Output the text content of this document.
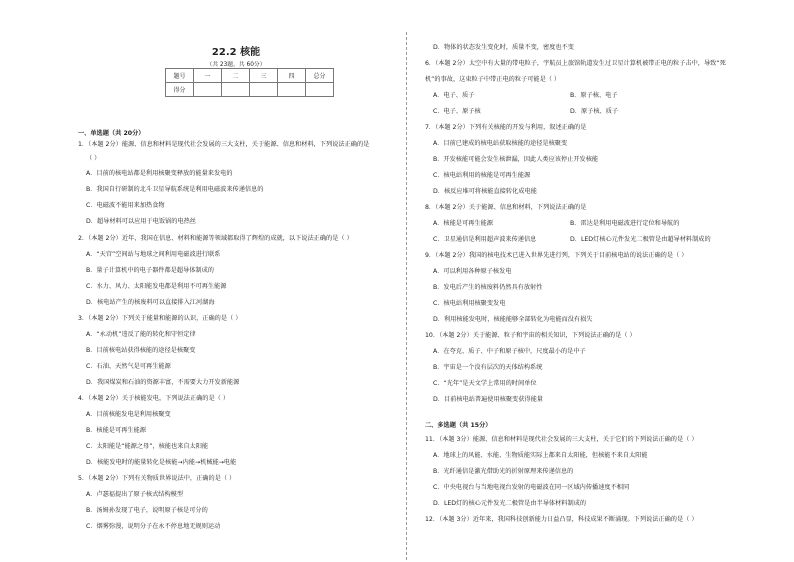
22.2 核能
（共 23题，共 60分）
题号	一	二	三	四	总分
得分					
一、单选题（共 20分）
1．（本题 2分）能源、信息和材料是现代社会发展的三大支柱，关于能源、信息和材料，下列说法正确的是
（ ）
A．目前的核电站都是利用核聚变释放的能量来发电的
B．我国自行研制的北斗卫星导航系统是利用电磁波来传递信息的
C．电磁波不能用来加热食物
D．超导材料可以应用于电饭锅的电热丝
2．（本题 2分）近年，我国在信息、材料和能源等领域都取得了辉煌的成就，以下说法正确的是（ ）
A．“天宫”空间站与地球之间利用电磁波进行联系
B．量子计算机中的电子器件都是超导体制成的
C．水力、风力、太阳能发电都是利用不可再生能源
D．核电站产生的核废料可以直接排入江河湖海
3．（本题 2分）下列关于能量和能源的认识，正确的是（ ）
A．“永动机”违反了能的转化和守恒定律
B．目前核电站获得核能的途径是核聚变
C．石油、天然气是可再生能源
D．我国煤炭和石油的资源丰富，不需要大力开发新能源
4．（本题 2分）关于核能发电，下列说法正确的是（ ）
A．目前核能发电是利用核聚变
B．核能是可再生能源
C．太阳能是“能源之母”，核能也来自太阳能
D．核能发电时的能量转化是核能→内能→机械能→电能
5．（本题 2分）下列有关物质世界说法中，正确的是（ ）
A．卢瑟福提出了原子核式结构模型
B．汤姆孙发现了电子，说明原子核是可分的
C．烟雾弥漫，说明分子在永不停息地无规则运动
D．物体的状态发生变化时，质量不变，密度也不变
6．（本题 2分）太空中有大量的带电粒子，宇航员上旅馆轨道发生过卫星计算机被带正电的粒子击中，导致“死
机”的事故，这束粒子中带正电的粒子可能是（ ）
A．电子、质子	B．原子核、电子
C．电子、原子核	D．原子核、质子
7．（本题 2分）下列有关核能的开发与利用，叙述正确的是
A．目前已建成的核电站获取核能的途径是核聚变
B．开发核能可能会发生核泄漏，因此人类应该停止开发核能
C．核电站利用的核能是可再生能源
D．核反应堆可将核能直接转化成电能
8．（本题 2分）关于能源、信息和材料，下列说法正确的是
A．核能是可再生能源	B．雷达是利用电磁波进行定位和导航的
C．卫星通信是利用超声波来传递信息	D．LED灯核心元件发光二极管是由超导材料制成的
9．（本题 2分）我国的核电技术已进入世界先进行列，下列关于目前核电站的说法正确的是（ ）
A．可以利用各种原子核发电
B．发电后产生的核废料仍然具有放射性
C．核电站利用核聚变发电
D．利用核能发电时，核能能够全部转化为电能而没有损失
10．（本题 2分）关于能源、粒子和宇宙的相关知识，下列说法正确的是（ ）
A．在夸克、质子、中子和原子核中，尺度最小的是中子
B．宇宙是一个没有层次的天体结构系统
C．“光年”是天文学上常用的时间单位
D．目前核电站普遍使用核聚变获得能量
二、多选题（共 15分）
11．（本题 3分）能源、信息和材料是现代社会发展的三大支柱，关于它们的下列说法正确的是（ ）
A．地球上的风能、水能、生物质能实际上都来自太阳能，但核能不来自太阳能
B．光纤通信是激光借助光的折射原理来传递信息的
C．中央电视台与当地电视台发射的电磁波在同一区域内传播速度不相同
D．LED灯的核心元件发光二极管是由半导体材料制成的
12．（本题 3分）近年来，我国科技创新能力日益凸显，科技成果不断涌现。下列说法正确的是（ ）
